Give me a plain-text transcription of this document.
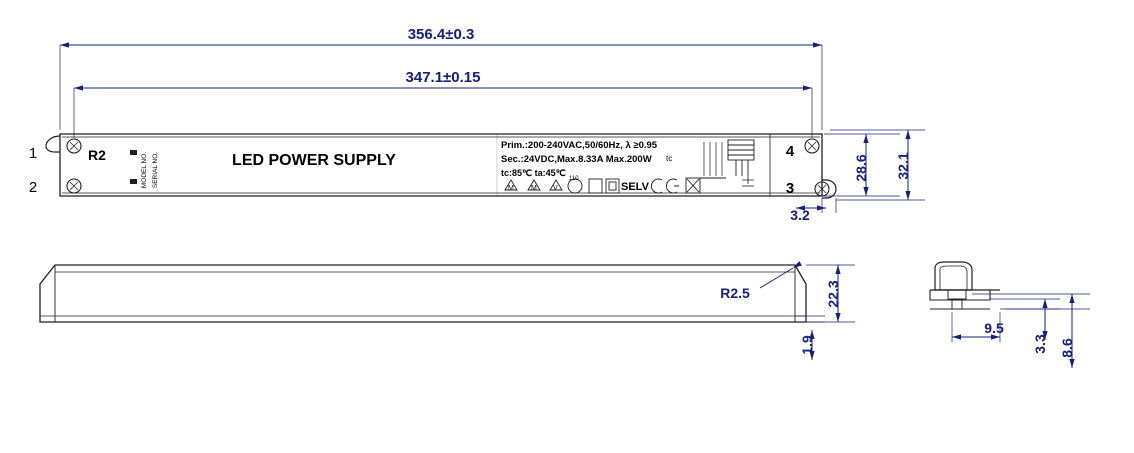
356.4±0.3
347.1±0.15
28.6 32.1
3.2
R2.5	22.3
1.9
9.5
3.3 8.6
LED POWER SUPPLY
Prim.:200-240VAC,50/60Hz, λ ≥0.95
Sec.:24VDC,Max.8.33A Max.200W
tc:85℃ ta:45℃
tc
SELV
M M V
110
MODEL NO. SERIAL NO.
1
2	3
4
R2
